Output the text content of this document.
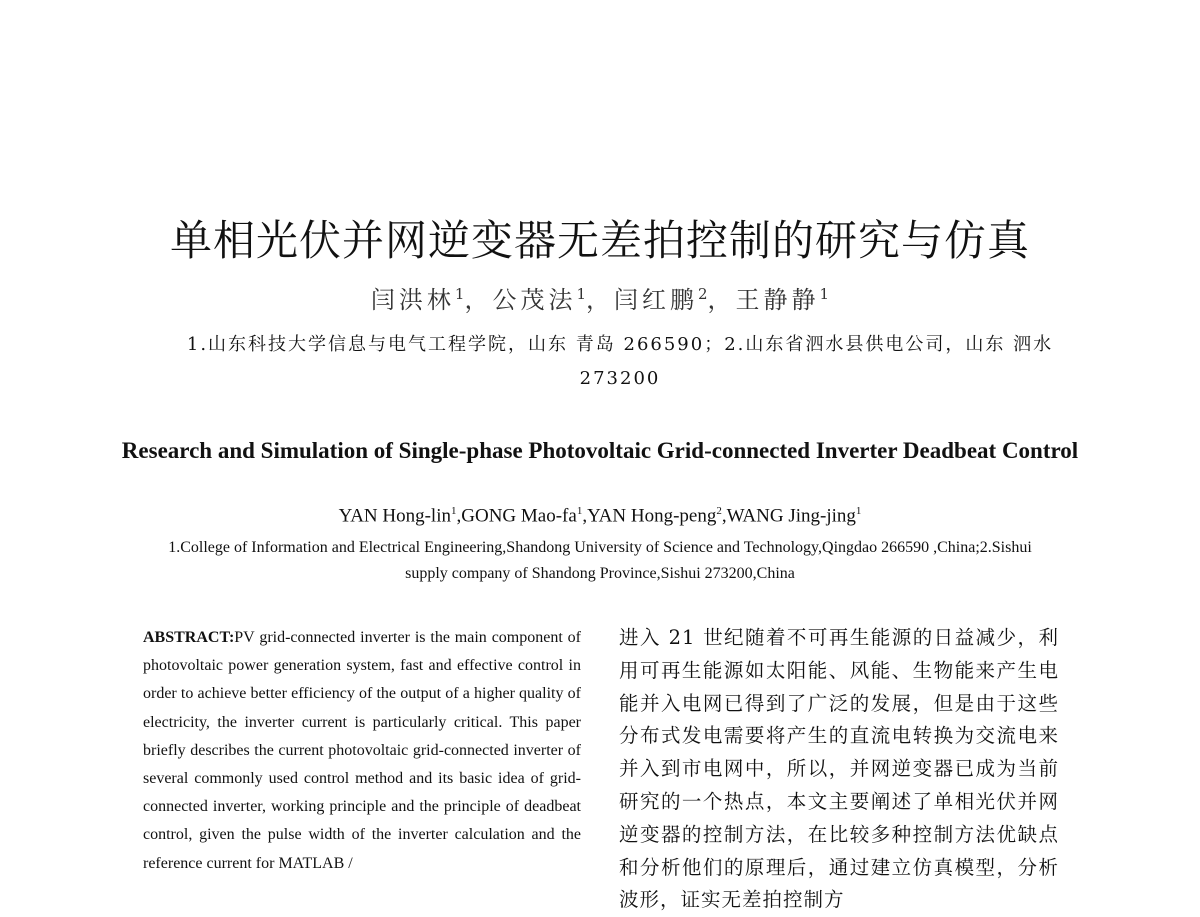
单相光伏并网逆变器无差拍控制的研究与仿真
闫洪林$^1$，公茂法$^1$，闫红鹏$^2$，王静静$^1$
1.山东科技大学信息与电气工程学院，山东 青岛 266590；2.山东省泗水县供电公司，山东 泗水 273200
Research and Simulation of Single-phase Photovoltaic Grid-connected Inverter Deadbeat Control
YAN Hong-lin$^1$,GONG Mao-$fa^1,YAN$ Hong-peng$^2$,WANG Jing-jing$^1$
1.College of Information and Electrical Engineering,Shandong University of Science and Technology,Qingdao 266590 ,China;2.Sishui supply company of Shandong Province,Sishui 273200,China
ABSTRACT:PV grid-connected inverter is the main component of photovoltaic power generation system, fast and effective control in order to achieve better efficiency of the output of a higher quality of electricity, the inverter current is particularly critical. This paper briefly describes the current photovoltaic grid-connected inverter of several commonly used control method and its basic idea of grid-connected inverter, working principle and the principle of deadbeat control, given the pulse width of the inverter calculation and the reference current for MATLAB /
进入 21 世纪随着不可再生能源的日益减少，利用可再生能源如太阳能、风能、生物能来产生电能并入电网已得到了广泛的发展，但是由于这些分布式发电需要将产生的直流电转换为交流电来并入到市电网中，所以，并网逆变器已成为当前研究的一个热点，本文主要阐述了单相光伏并网逆变器的控制方法，在比较多种控制方法优缺点和分析他们的原理后，通过建立仿真模型，分析波形，证实无差拍控制方
